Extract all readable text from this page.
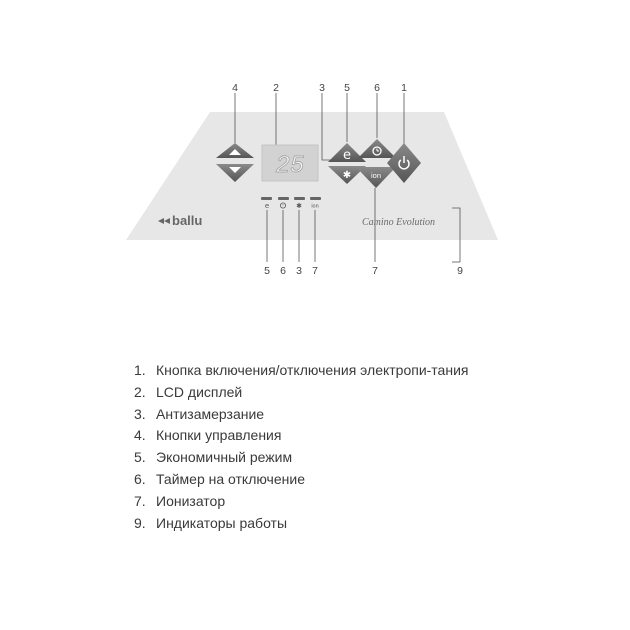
25	e
✱	ion
e	✱ ion
ballu	Camino Evolution
4	2	3 5 6 1
5 6 3 7	7	9
1. Кнопка включения/отключения электропи-тания
2. LCD дисплей
3. Антизамерзание
4. Кнопки управления
5. Экономичный режим
6. Таймер на отключение
7. Ионизатор
9. Индикаторы работы
